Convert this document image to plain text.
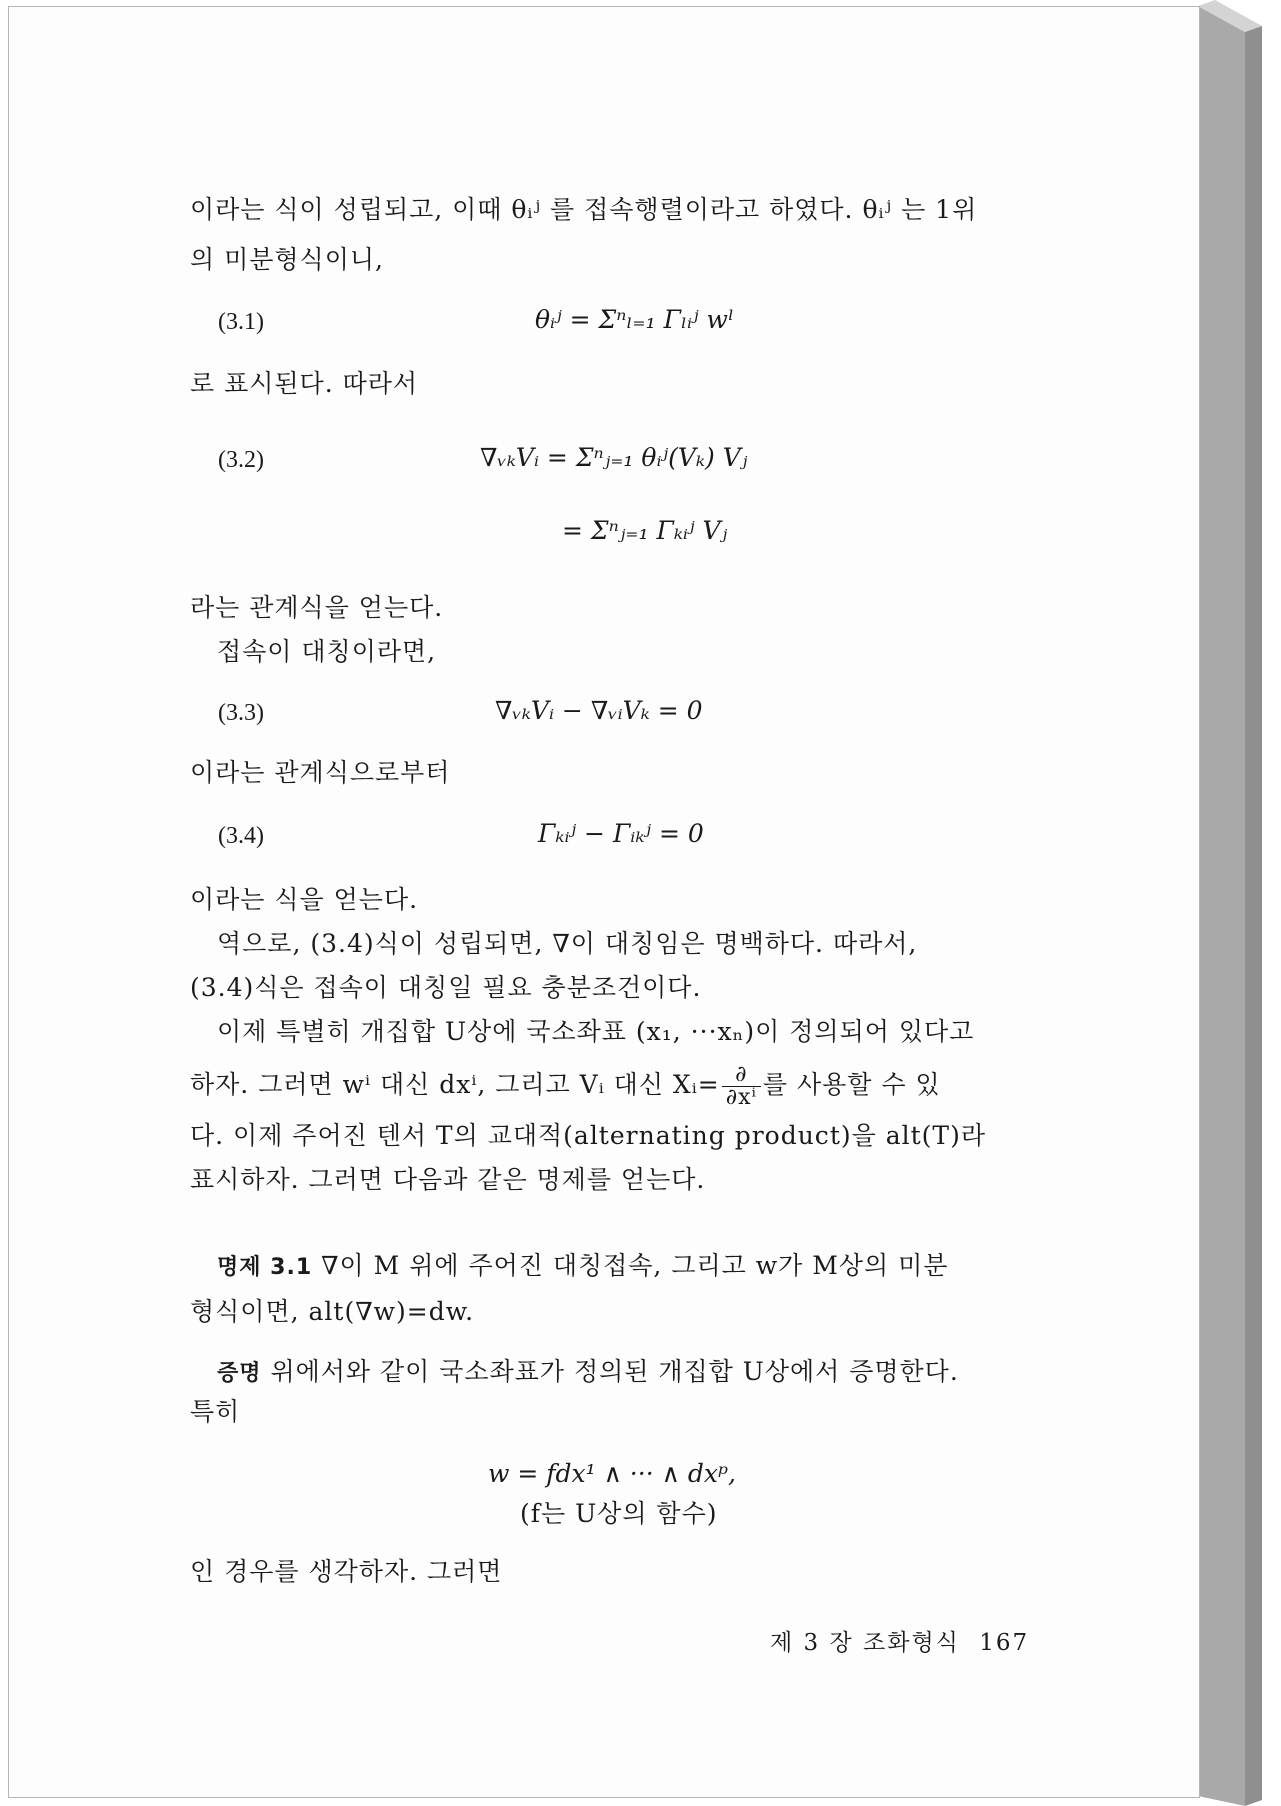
이라는 식이 성립되고, 이때 θᵢʲ 를 접속행렬이라고 하였다. θᵢʲ 는 1위
의 미분형식이니,
(3.1)	θᵢʲ = Σⁿₗ₌₁ Γₗᵢʲ wˡ
로 표시된다. 따라서
(3.2)	∇ᵥₖVᵢ = Σⁿⱼ₌₁ θᵢʲ(Vₖ) Vⱼ
= Σⁿⱼ₌₁ Γₖᵢʲ Vⱼ
라는 관계식을 얻는다.
접속이 대칭이라면,
(3.3)	∇ᵥₖVᵢ − ∇ᵥᵢVₖ = 0
이라는 관계식으로부터
(3.4)	Γₖᵢʲ − Γᵢₖʲ = 0
이라는 식을 얻는다.
역으로, (3.4)식이 성립되면, ∇이 대칭임은 명백하다. 따라서,
(3.4)식은 접속이 대칭일 필요 충분조건이다.
이제 특별히 개집합 U상에 국소좌표 (x₁, ···xₙ)이 정의되어 있다고
하자. 그러면 wⁱ 대신 dxⁱ, 그리고 Vᵢ 대신 Xᵢ= $\frac{\partial}{\text{∂xⁱ}}$ 를 사용할 수 있
다. 이제 주어진 텐서 T의 교대적(alternating product)을 alt(T)라
표시하자. 그러면 다음과 같은 명제를 얻는다.
명제 3.1 ∇이 M 위에 주어진 대칭접속, 그리고 w가 M상의 미분
형식이면, alt(∇w)=dw.
증명 위에서와 같이 국소좌표가 정의된 개집합 U상에서 증명한다.
특히
w = fdx¹ ∧ ··· ∧ dxᵖ,
(f는 U상의 함수)
인 경우를 생각하자. 그러면
제 3 장 조화형식 167
